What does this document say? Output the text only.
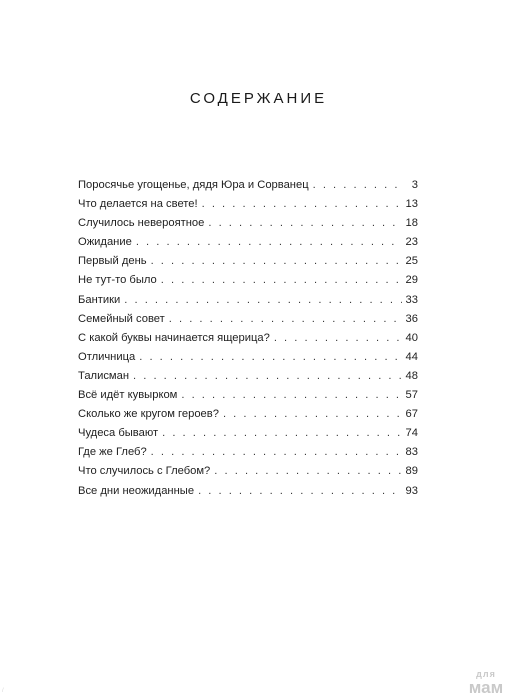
СОДЕРЖАНИЕ
Поросячье угощенье, дядя Юра и Сорванец . . .	3
Что делается на свете! . . .	13
Случилось невероятное . . .	18
Ожидание . . .	23
Первый день . . .	25
Не тут-то было . . .	29
Бантики . . .	33
Семейный совет . . .	36
С какой буквы начинается ящерица? . . .	40
Отличница . . .	44
Талисман . . .	48
Всё идёт кувырком . . .	57
Сколько же кругом героев? . . .	67
Чудеса бывают . . .	74
Где же Глеб? . . .	83
Что случилось с Глебом? . . .	89
Все дни неожиданные . . .	93
/
для
мам
